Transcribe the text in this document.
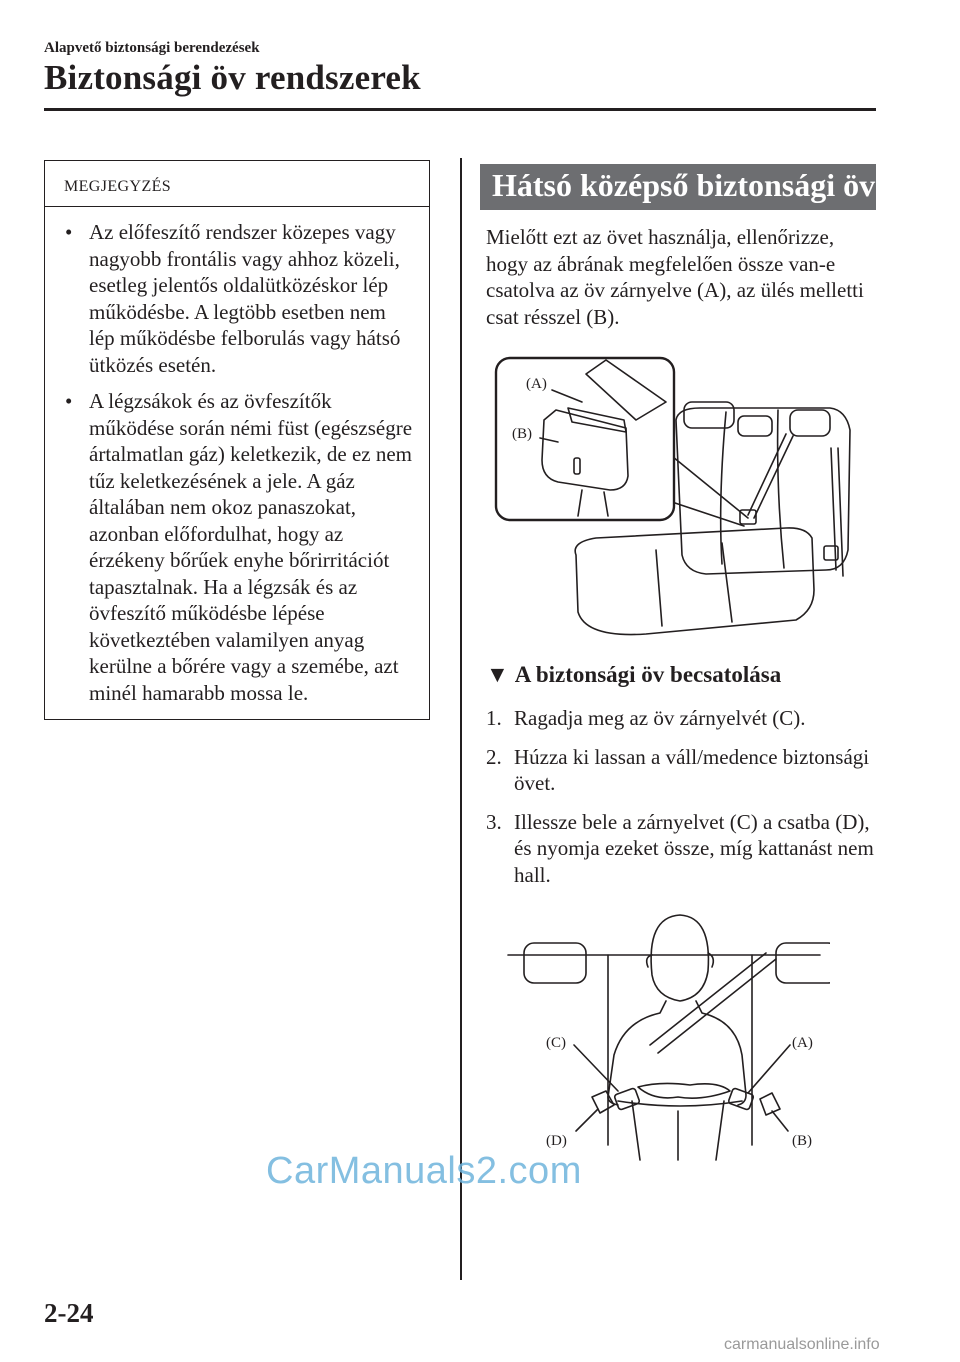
Alapvető biztonsági berendezések
Biztonsági öv rendszerek
MEGJEGYZÉS
• Az előfeszítő rendszer közepes vagy nagyobb frontális vagy ahhoz közeli, esetleg jelentős oldalütközéskor lép működésbe. A legtöbb esetben nem lép működésbe felborulás vagy hátsó ütközés esetén.
• A légzsákok és az övfeszítők működése során némi füst (egészségre ártalmatlan gáz) keletkezik, de ez nem tűz keletkezésének a jele. A gáz általában nem okoz panaszokat, azonban előfordulhat, hogy az érzékeny bőrűek enyhe bőrirritációt tapasztalnak. Ha a légzsák és az övfeszítő működésbe lépése következtében valamilyen anyag kerülne a bőrére vagy a szemébe, azt minél hamarabb mossa le.
Hátsó középső biztonsági öv

Mielőtt ezt az övet használja, ellenőrizze, hogy az ábrának megfelelően össze van-e csatolva az öv zárnyelve (A), az ülés melletti csat résszel (B).

(A)
(B)
▼ A biztonsági öv becsatolása
1. Ragadja meg az öv zárnyelvét (C).
2. Húzza ki lassan a váll/medence biztonsági övet.
3. Illessze bele a zárnyelvet (C) a csatba (D), és nyomja ezeket össze, míg kattanást nem hall.
(C)	(A)
(D)	(B)
CarManuals2.com
2-24
carmanualsonline.info
